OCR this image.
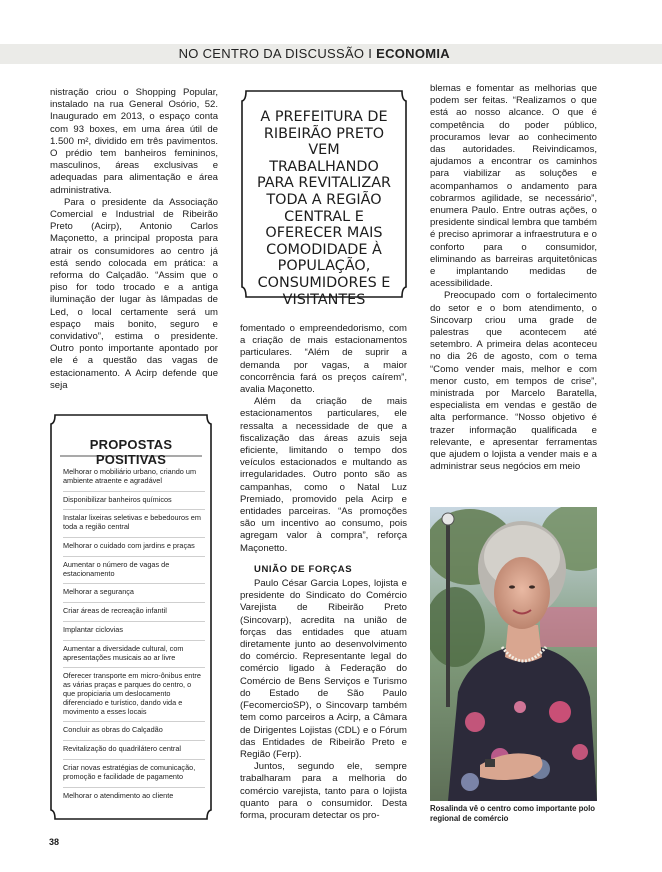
NO CENTRO DA DISCUSSÃO I ECONOMIA

nistração criou o Shopping Popular, instalado na rua General Osório, 52. Inaugurado em 2013, o espaço conta com 93 boxes, em uma área útil de 1.500 m², dividido em três pavimentos. O prédio tem banheiros femininos, masculinos, áreas exclusivas e adequadas para alimentação e área administrativa.

Para o presidente da Associação Comercial e Industrial de Ribeirão Preto (Acirp), Antonio Carlos Maçonetto, a principal proposta para atrair os consumidores ao centro já está sendo colocada em prática: a reforma do Calçadão. “Assim que o piso for todo trocado e a antiga iluminação der lugar às lâmpadas de Led, o local certamente será um espaço mais bonito, seguro e convidativo”, estima o presidente. Outro ponto importante apontado por ele é a questão das vagas de estacionamento. A Acirp defende que seja

A PREFEITURA DE RIBEIRÃO PRETO VEM TRABALHANDO PARA REVITALIZAR TODA A REGIÃO CENTRAL E OFERECER MAIS COMODIDADE À POPULAÇÃO, CONSUMIDORES E VISITANTES

fomentado o empreendedorismo, com a criação de mais estacionamentos particulares. “Além de suprir a demanda por vagas, a maior concorrência fará os preços caírem”, avalia Maçonetto.

Além da criação de mais estacionamentos particulares, ele ressalta a necessidade de que a fiscalização das áreas azuis seja eficiente, limitando o tempo dos veículos estacionados e multando as irregularidades. Outro ponto são as campanhas, como o Natal Luz Premiado, promovido pela Acirp e entidades parceiras. “As promoções são um incentivo ao consumo, pois agregam valor à compra”, reforça Maçonetto.

UNIÃO DE FORÇAS

Paulo César Garcia Lopes, lojista e presidente do Sindicato do Comércio Varejista de Ribeirão Preto (Sincovarp), acredita na união de forças das entidades que atuam diretamente junto ao desenvolvimento do comércio. Representante legal do comércio ligado à Federação do Comércio de Bens Serviços e Turismo do Estado de São Paulo (FecomercioSP), o Sincovarp também tem como parceiros a Acirp, a Câmara de Dirigentes Lojistas (CDL) e o Fórum das Entidades de Ribeirão Preto e Região (Ferp).

Juntos, segundo ele, sempre trabalharam para a melhoria do comércio varejista, tanto para o lojista quanto para o consumidor. Desta forma, procuram detectar os pro-

blemas e fomentar as melhorias que podem ser feitas. “Realizamos o que está ao nosso alcance. O que é competência do poder público, procuramos levar ao conhecimento das autoridades. Reivindicamos, ajudamos a encontrar os caminhos para viabilizar as soluções e acompanhamos o andamento para cobrarmos agilidade, se necessário”, enumera Paulo. Entre outras ações, o presidente sindical lembra que também é preciso aprimorar a infraestrutura e o conforto para o consumidor, eliminando as barreiras arquitetônicas e implantando medidas de acessibilidade.

Preocupado com o fortalecimento do setor e o bom atendimento, o Sincovarp criou uma grade de palestras que acontecem até setembro. A primeira delas aconteceu no dia 26 de agosto, com o tema “Como vender mais, melhor e com menor custo, em tempos de crise”, ministrada por Marcelo Baratella, especialista em vendas e gestão de alta performance. “Nosso objetivo é trazer informação qualificada e relevante, e apresentar ferramentas que ajudem o lojista a vender mais e a administrar seus negócios em meio

PROPOSTAS POSITIVAS
Melhorar o mobiliário urbano, criando um ambiente atraente e agradável
Disponibilizar banheiros químicos
Instalar lixeiras seletivas e bebedouros em toda a região central
Melhorar o cuidado com jardins e praças
Aumentar o número de vagas de estacionamento
Melhorar a segurança
Criar áreas de recreação infantil
Implantar ciclovias
Aumentar a diversidade cultural, com apresentações musicais ao ar livre
Oferecer transporte em micro-ônibus entre as várias praças e parques do centro, o que propiciaria um deslocamento diferenciado e turístico, dando vida e movimento a esses locais
Concluir as obras do Calçadão
Revitalização do quadrilátero central
Criar novas estratégias de comunicação, promoção e facilidade de pagamento
Melhorar o atendimento ao cliente
Rosalinda vê o centro como importante polo regional de comércio
38
